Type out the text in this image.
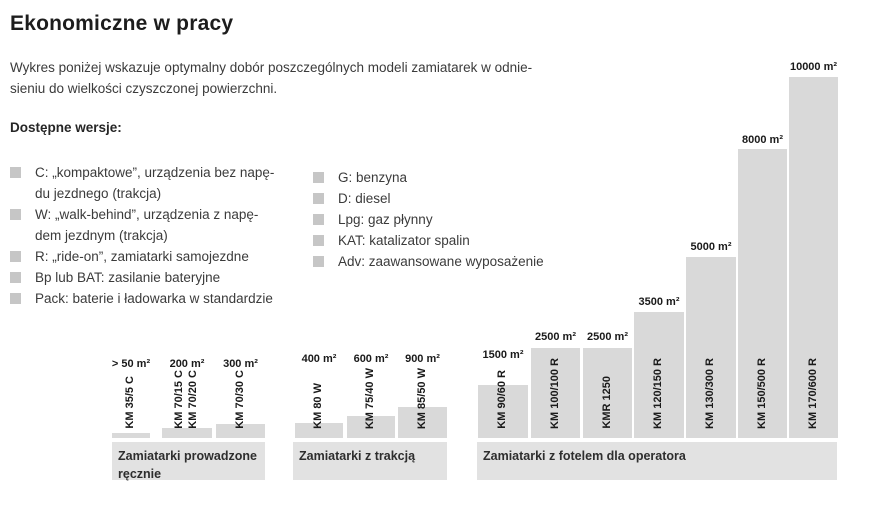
Ekonomiczne w pracy
Wykres poniżej wskazuje optymalny dobór poszczególnych modeli zamiatarek w odnie-
sieniu do wielkości czyszczonej powierzchni.
Dostępne wersje:
C: „kompaktowe”, urządzenia bez napę-
du jezdnego (trakcja)
W: „walk-behind”, urządzenia z napę-
dem jezdnym (trakcja)
R: „ride-on”, zamiatarki samojezdne
Bp lub BAT: zasilanie bateryjne
Pack: baterie i ładowarka w standardzie
G: benzyna
D: diesel
Lpg: gaz płynny
KAT: katalizator spalin
Adv: zaawansowane wyposażenie
Zamiatarki prowadzone
ręcznie
> 50 m²
KM 35/5 C
200 m²
KM 70/15 C KM 70/20 C
300 m²
KM 70/30 C
Zamiatarki z trakcją
400 m²
KM 80 W
600 m²
KM 75/40 W
900 m²
KM 85/50 W
Zamiatarki z fotelem dla operatora
1500 m²
KM 90/60 R
2500 m²
KM 100/100 R
2500 m²
KMR 1250
3500 m²
KM 120/150 R
5000 m²
KM 130/300 R
8000 m²
KM 150/500 R
10000 m²
KM 170/600 R
